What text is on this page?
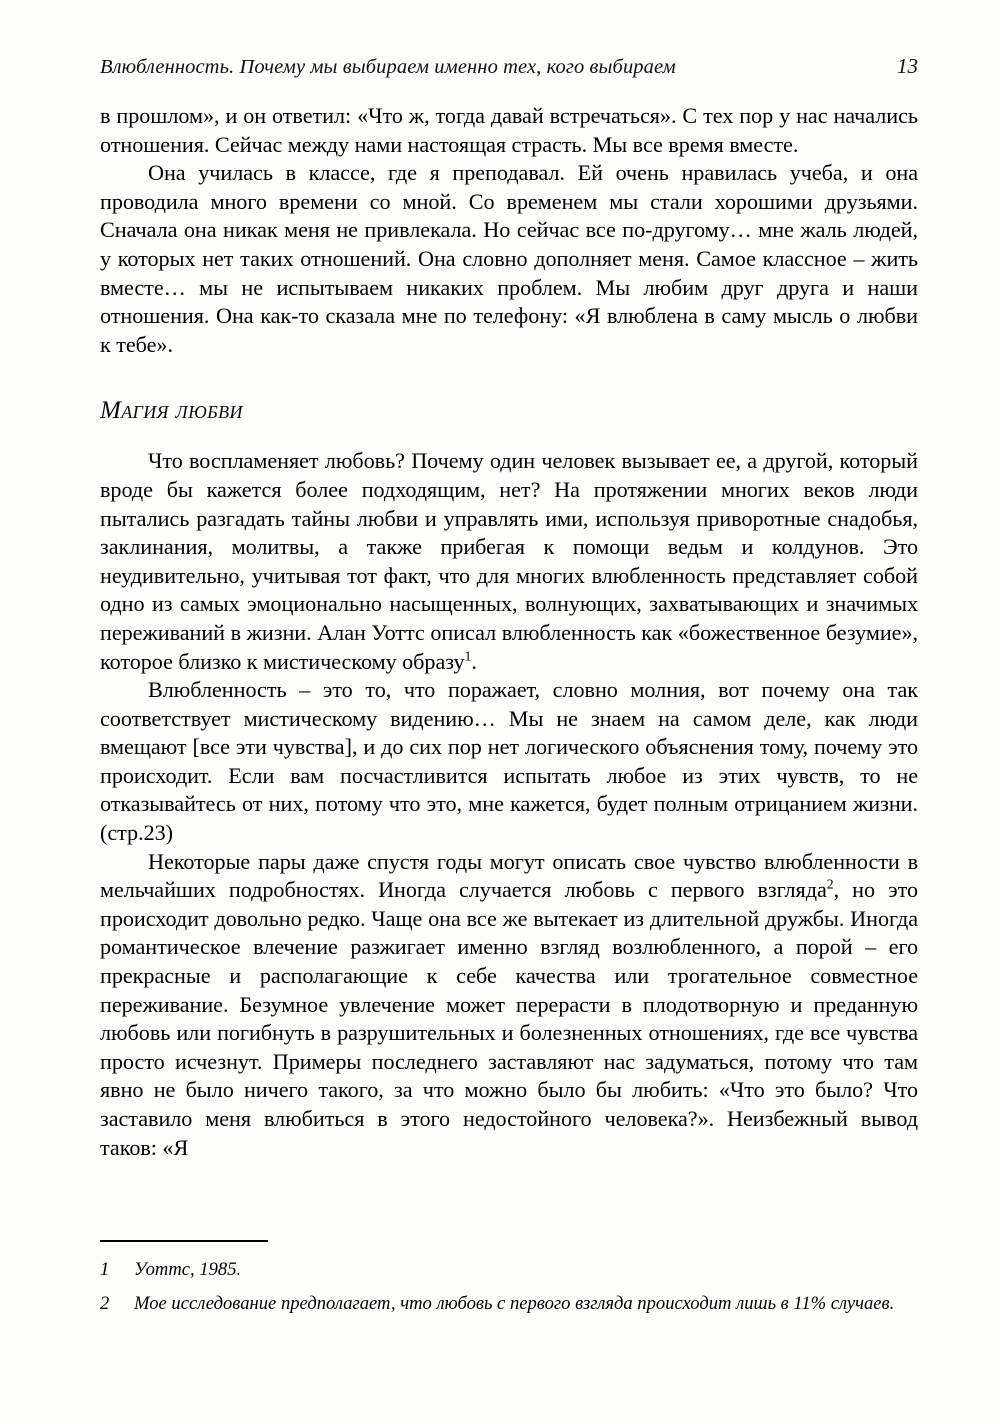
Влюбленность. Почему мы выбираем именно тех, кого выбираем	13

в прошлом», и он ответил: «Что ж, тогда давай встречаться». С тех пор у нас начались отношения. Сейчас между нами настоящая страсть. Мы все время вместе.

Она училась в классе, где я преподавал. Ей очень нравилась учеба, и она проводила много времени со мной. Со временем мы стали хорошими друзьями. Сначала она никак меня не привлекала. Но сейчас все по-другому… мне жаль людей, у которых нет таких отношений. Она словно дополняет меня. Самое классное – жить вместе… мы не испытываем никаких проблем. Мы любим друг друга и наши отношения. Она как-то сказала мне по телефону: «Я влюблена в саму мысль о любви к тебе».

Магия любви

Что воспламеняет любовь? Почему один человек вызывает ее, а другой, который вроде бы кажется более подходящим, нет? На протяжении многих веков люди пытались разгадать тайны любви и управлять ими, используя приворотные снадобья, заклинания, молитвы, а также прибегая к помощи ведьм и колдунов. Это неудивительно, учитывая тот факт, что для многих влюбленность представляет собой одно из самых эмоционально насыщенных, волнующих, захватывающих и значимых переживаний в жизни. Алан Уоттс описал влюбленность как «божественное безумие», которое близко к мистическому образу$^1$.

Влюбленность – это то, что поражает, словно молния, вот почему она так соответствует мистическому видению… Мы не знаем на самом деле, как люди вмещают [все эти чувства], и до сих пор нет логического объяснения тому, почему это происходит. Если вам посчастливится испытать любое из этих чувств, то не отказывайтесь от них, потому что это, мне кажется, будет полным отрицанием жизни. (стр.23)

Некоторые пары даже спустя годы могут описать свое чувство влюбленности в мельчайших подробностях. Иногда случается любовь с первого взгляда$^2$, но это происходит довольно редко. Чаще она все же вытекает из длительной дружбы. Иногда романтическое влечение разжигает именно взгляд возлюбленного, а порой – его прекрасные и располагающие к себе качества или трогательное совместное переживание. Безумное увлечение может перерасти в плодотворную и преданную любовь или погибнуть в разрушительных и болезненных отношениях, где все чувства просто исчезнут. Примеры последнего заставляют нас задуматься, потому что там явно не было ничего такого, за что можно было бы любить: «Что это было? Что заставило меня влюбиться в этого недостойного человека?». Неизбежный вывод таков: «Я

1 Уоттс, 1985.

2 Мое исследование предполагает, что любовь с первого взгляда происходит лишь в 11% случаев.
